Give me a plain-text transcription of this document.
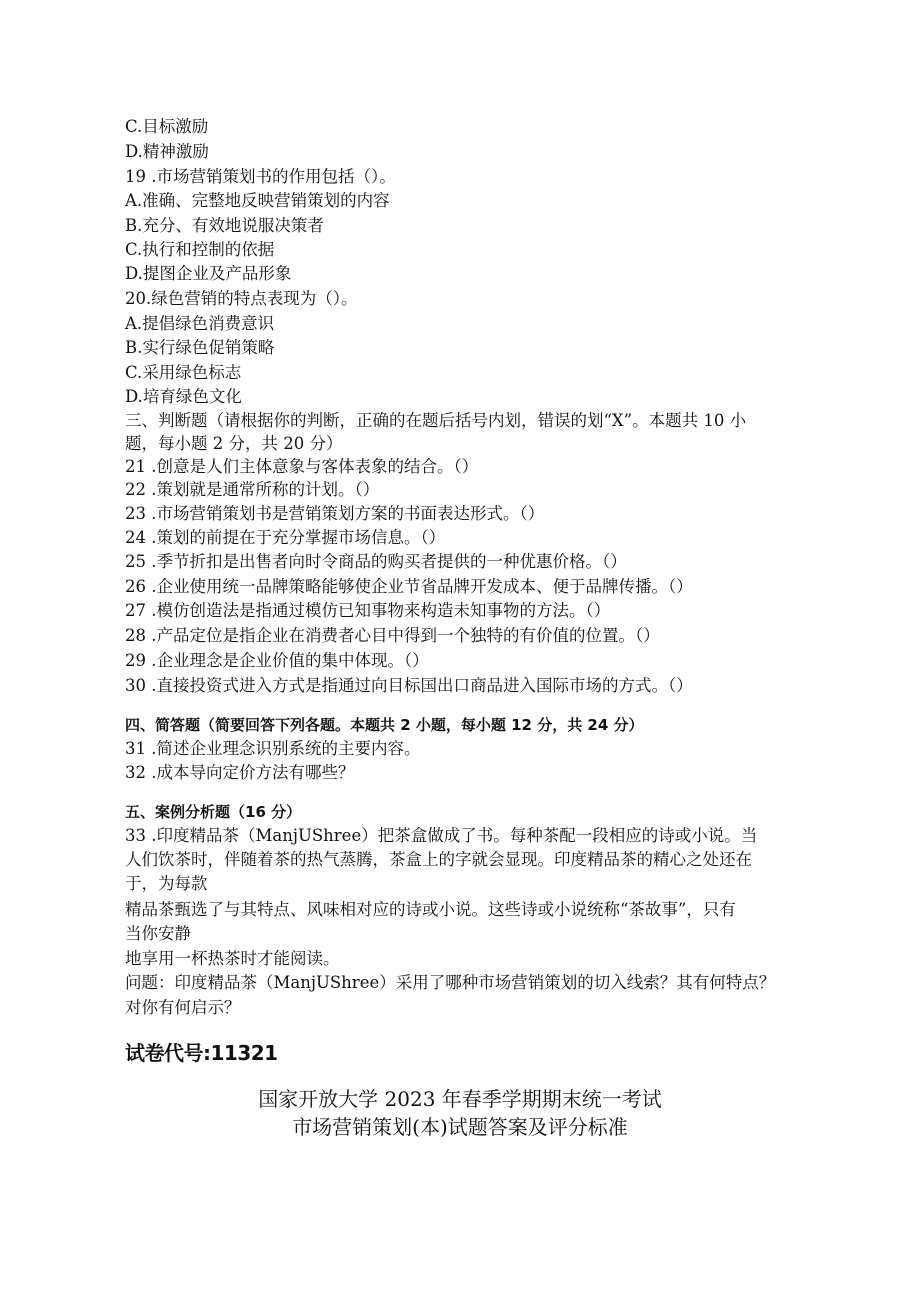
C.目标激励
D.精神激励
19 .市场营销策划书的作用包括（）。
A.准确、完整地反映营销策划的内容
B.充分、有效地说服决策者
C.执行和控制的依据
D.提图企业及产品形象
20.绿色营销的特点表现为（）。
A.提倡绿色消费意识
B.实行绿色促销策略
C.采用绿色标志
D.培育绿色文化
三、判断题（请根据你的判断，正确的在题后括号内划，错误的划“X”。本题共 10 小
题，每小题 2 分，共 20 分）
21 .创意是人们主体意象与客体表象的结合。（）
22 .策划就是通常所称的计划。（）
23 .市场营销策划书是营销策划方案的书面表达形式。（）
24 .策划的前提在于充分掌握市场信息。（）
25 .季节折扣是出售者向时令商品的购买者提供的一种优惠价格。（）
26 .企业使用统一品牌策略能够使企业节省品牌开发成本、便于品牌传播。（）
27 .模仿创造法是指通过模仿已知事物来构造未知事物的方法。（）
28 .产品定位是指企业在消费者心目中得到一个独特的有价值的位置。（）
29 .企业理念是企业价值的集中体现。（）
30 .直接投资式进入方式是指通过向目标国出口商品进入国际市场的方式。（）
四、简答题（简要回答下列各题。本题共 2 小题，每小题 12 分，共 24 分）
31 .简述企业理念识别系统的主要内容。
32 .成本导向定价方法有哪些？
五、案例分析题（16 分）
33 .印度精品茶（ManjUShree）把茶盒做成了书。每种茶配一段相应的诗或小说。当
人们饮茶时，伴随着茶的热气蒸腾，茶盒上的字就会显现。印度精品茶的精心之处还在
于，为每款
精品茶甄选了与其特点、风味相对应的诗或小说。这些诗或小说统称“茶故事”，只有
当你安静
地享用一杯热茶时才能阅读。
问题：印度精品茶（ManjUShree）采用了哪种市场营销策划的切入线索？其有何特点？
对你有何启示？
试卷代号:11321
国家开放大学 2023 年春季学期期末统一考试
市场营销策划(本)试题答案及评分标准
